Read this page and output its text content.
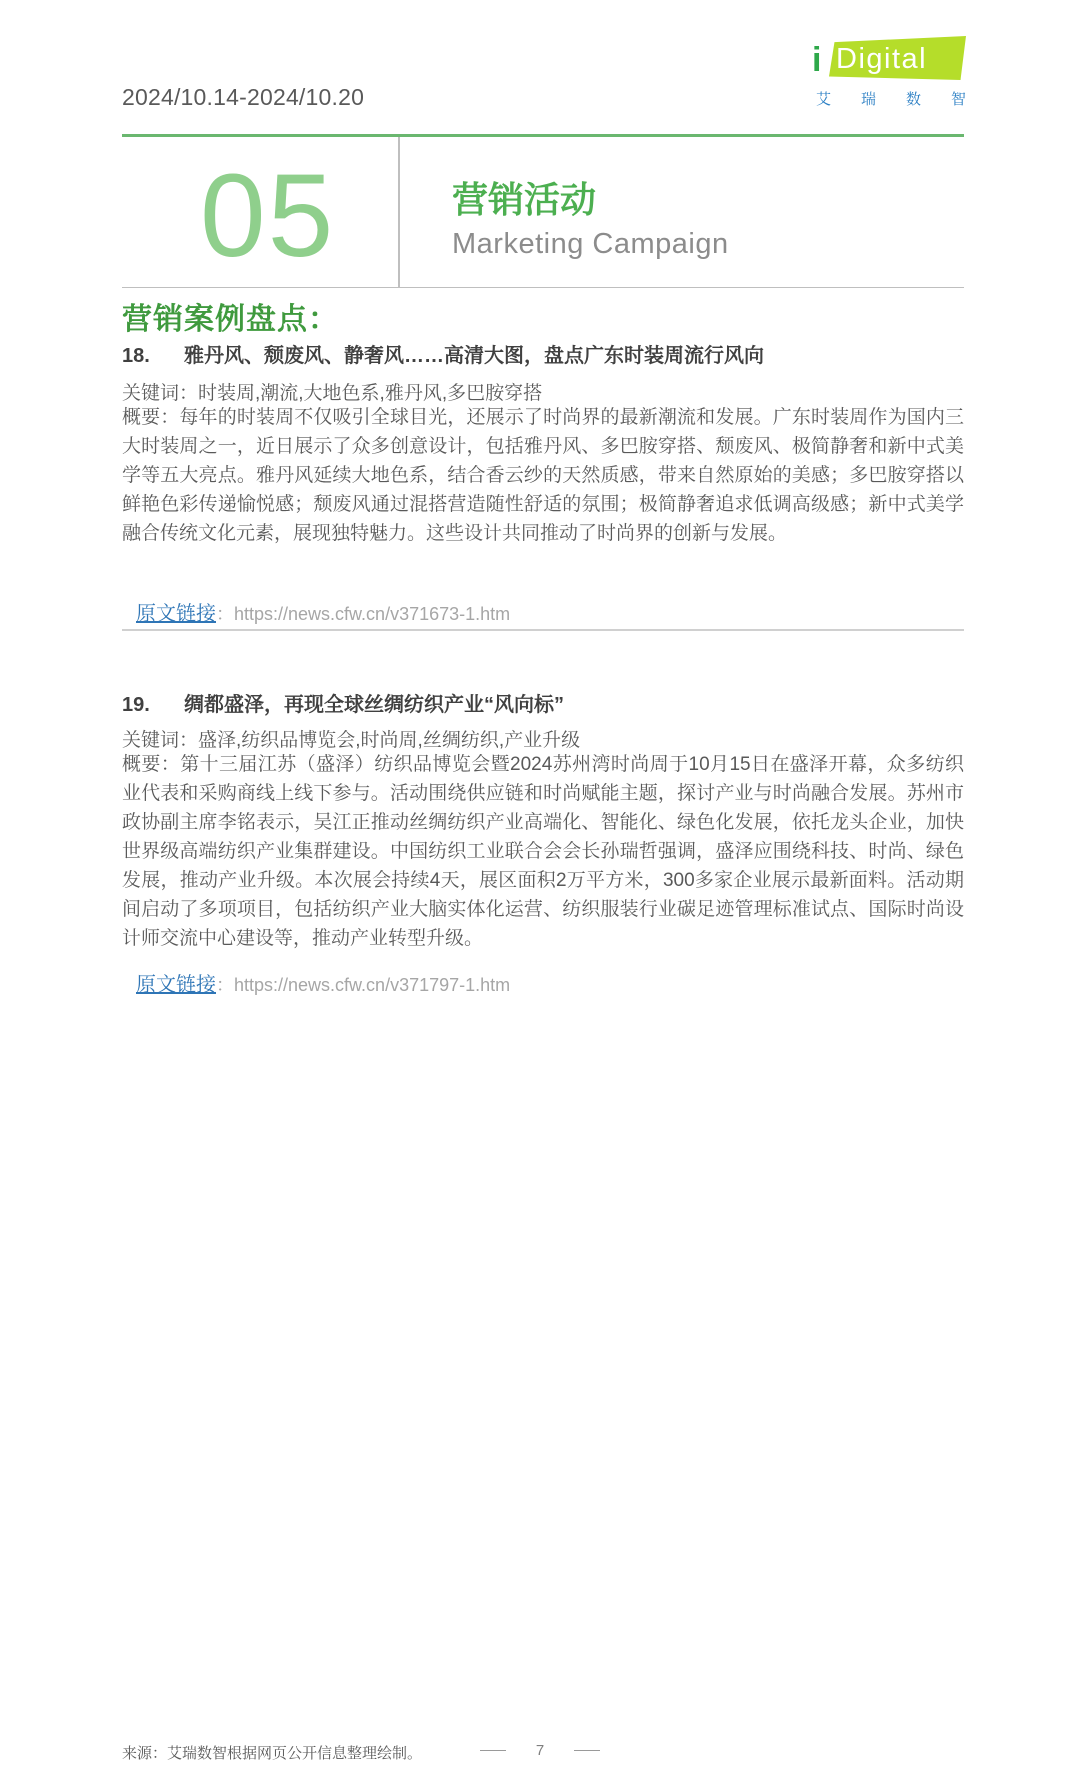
2024/10.14-2024/10.20
i Digital
艾 瑞 数 智
05	营销活动
Marketing Campaign
营销案例盘点：
18. 雅丹风、颓废风、静奢风……高清大图，盘点广东时装周流行风向
关键词：时装周,潮流,大地色系,雅丹风,多巴胺穿搭
概要：每年的时装周不仅吸引全球目光，还展示了时尚界的最新潮流和发展。广东时装周作为国内三大时装周之一，近日展示了众多创意设计，包括雅丹风、多巴胺穿搭、颓废风、极简静奢和新中式美学等五大亮点。雅丹风延续大地色系，结合香云纱的天然质感，带来自然原始的美感；多巴胺穿搭以鲜艳色彩传递愉悦感；颓废风通过混搭营造随性舒适的氛围；极简静奢追求低调高级感；新中式美学融合传统文化元素，展现独特魅力。这些设计共同推动了时尚界的创新与发展。
原文链接：https://news.cfw.cn/v371673-1.htm
19. 绸都盛泽，再现全球丝绸纺织产业“风向标”
关键词：盛泽,纺织品博览会,时尚周,丝绸纺织,产业升级
概要：第十三届江苏（盛泽）纺织品博览会暨2024苏州湾时尚周于10月15日在盛泽开幕，众多纺织业代表和采购商线上线下参与。活动围绕供应链和时尚赋能主题，探讨产业与时尚融合发展。苏州市政协副主席李铭表示，吴江正推动丝绸纺织产业高端化、智能化、绿色化发展，依托龙头企业，加快世界级高端纺织产业集群建设。中国纺织工业联合会会长孙瑞哲强调，盛泽应围绕科技、时尚、绿色发展，推动产业升级。本次展会持续4天，展区面积2万平方米，300多家企业展示最新面料。活动期间启动了多项项目，包括纺织产业大脑实体化运营、纺织服装行业碳足迹管理标准试点、国际时尚设计师交流中心建设等，推动产业转型升级。
原文链接：https://news.cfw.cn/v371797-1.htm
来源：艾瑞数智根据网页公开信息整理绘制。	7
